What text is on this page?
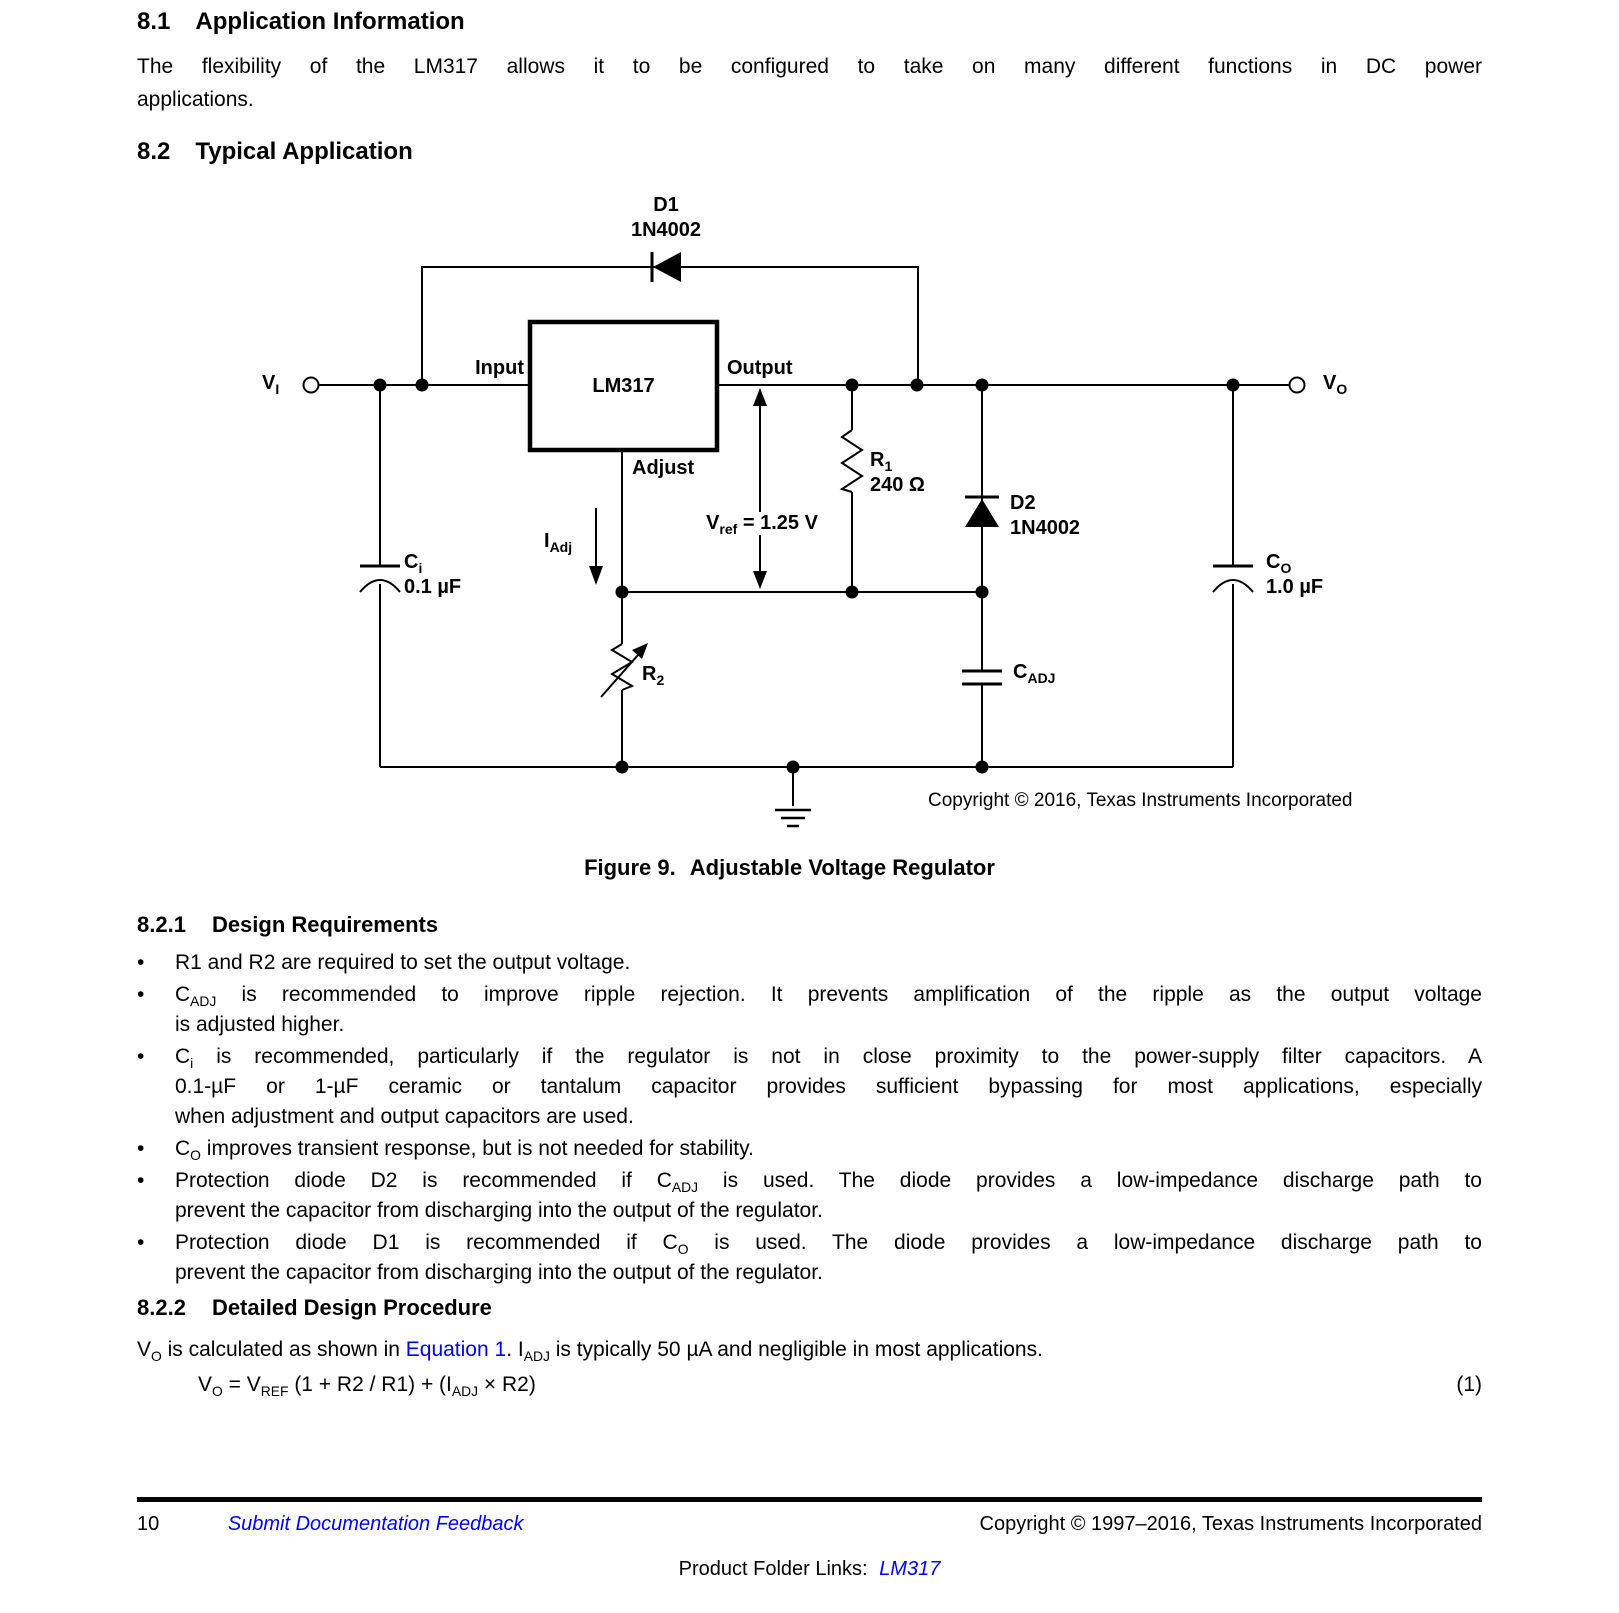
8.1 Application Information
The flexibility of the LM317 allows it to be configured to take on many different functions in DC power
applications.
8.2 Typical Application
$V_I$
Input	Output
LM317
Adjust
D1
1N4002
$I_{Adj}$
$V_{ref} = 1.25$ V
$R_1$
240 Ω
D2
1N4002
$C_i$
0.1 µF
$C_O$
1.0 µF
$R_2$	$C_{ADJ}$
$V_O$
Copyright © 2016, Texas Instruments Incorporated
Figure 9. Adjustable Voltage Regulator
8.2.1 Design Requirements
•	R1 and R2 are required to set the output voltage.
•	$C_{ADJ}$ is recommended to improve ripple rejection. It prevents amplification of the ripple as the output voltage
is adjusted higher.
•	$C_i$ is recommended, particularly if the regulator is not in close proximity to the power-supply filter capacitors. A
0.1-µF or 1-µF ceramic or tantalum capacitor provides sufficient bypassing for most applications, especially
when adjustment and output capacitors are used.
•	$C_O$ improves transient response, but is not needed for stability.
•	Protection diode D2 is recommended if $C_{ADJ}$ is used. The diode provides a low-impedance discharge path to
prevent the capacitor from discharging into the output of the regulator.
•	Protection diode D1 is recommended if $C_O$ is used. The diode provides a low-impedance discharge path to
prevent the capacitor from discharging into the output of the regulator.
8.2.2 Detailed Design Procedure
$V_O$ is calculated as shown in Equation 1. $I_{ADJ}$ is typically 50 µA and negligible in most applications.
$V_O = V_{REF}$ $(1 + R2 / R1) + (I_{ADJ} \times R2)$	(1)
10	Submit Documentation Feedback	Copyright © 1997–2016, Texas Instruments Incorporated
Product Folder Links: LM317
